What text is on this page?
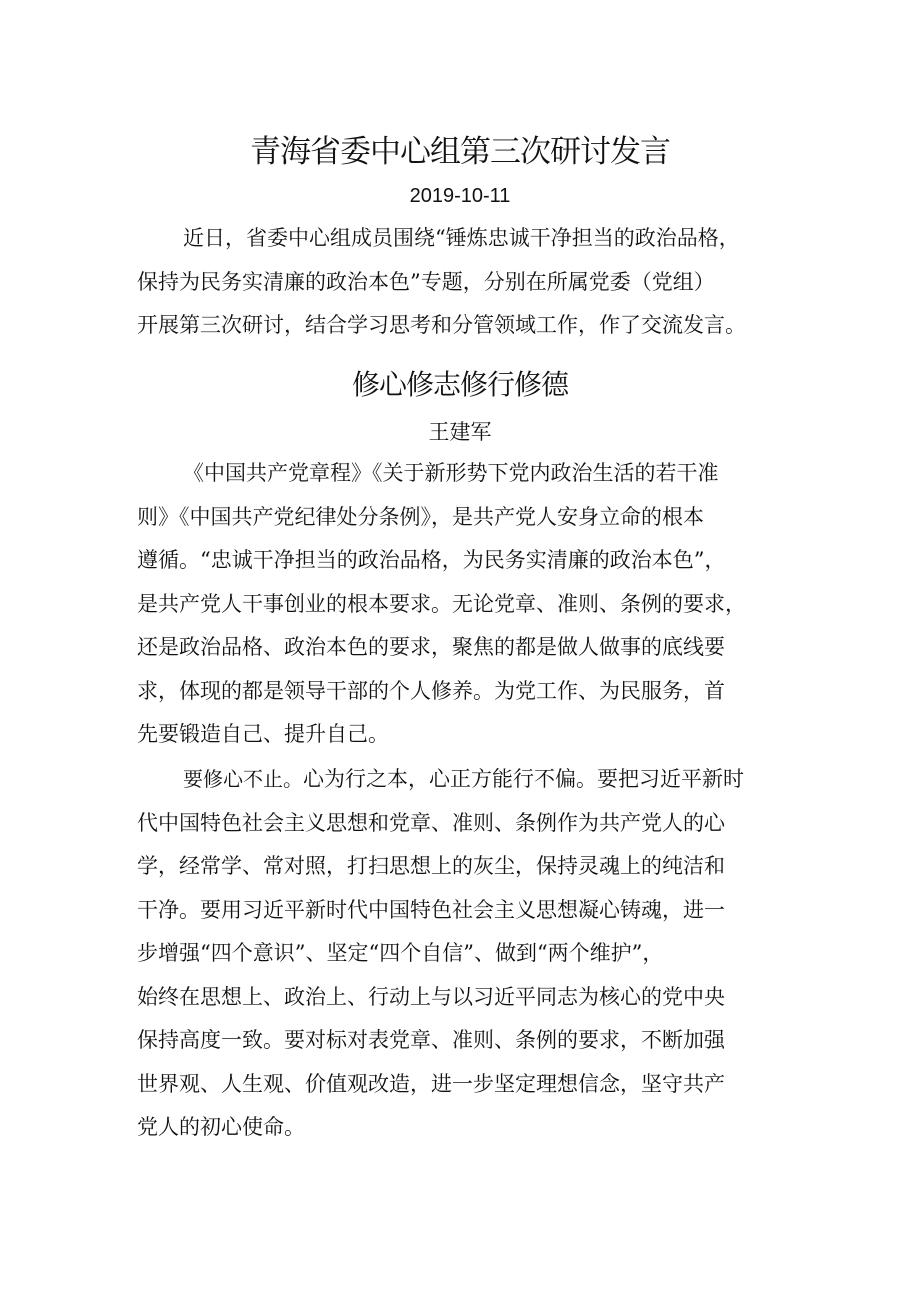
青海省委中心组第三次研讨发言
2019-10-11
近日，省委中心组成员围绕“锤炼忠诚干净担当的政治品格，
保持为民务实清廉的政治本色”专题，分别在所属党委（党组）
开展第三次研讨，结合学习思考和分管领域工作，作了交流发言。
修心修志修行修德
王建军
《中国共产党章程》《关于新形势下党内政治生活的若干准
则》《中国共产党纪律处分条例》，是共产党人安身立命的根本
遵循。“忠诚干净担当的政治品格，为民务实清廉的政治本色”，
是共产党人干事创业的根本要求。无论党章、准则、条例的要求，
还是政治品格、政治本色的要求，聚焦的都是做人做事的底线要
求，体现的都是领导干部的个人修养。为党工作、为民服务，首
先要锻造自己、提升自己。
要修心不止。心为行之本，心正方能行不偏。要把习近平新时
代中国特色社会主义思想和党章、准则、条例作为共产党人的心
学，经常学、常对照，打扫思想上的灰尘，保持灵魂上的纯洁和
干净。要用习近平新时代中国特色社会主义思想凝心铸魂，进一
步增强“四个意识”、坚定“四个自信”、做到“两个维护”，
始终在思想上、政治上、行动上与以习近平同志为核心的党中央
保持高度一致。要对标对表党章、准则、条例的要求，不断加强
世界观、人生观、价值观改造，进一步坚定理想信念，坚守共产
党人的初心使命。
